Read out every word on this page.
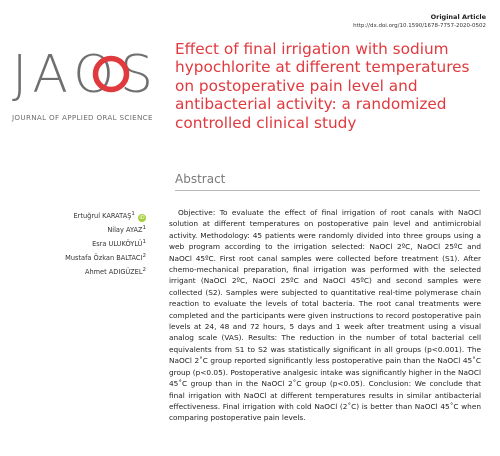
Original Article
http://dx.doi.org/10.1590/1678-7757-2020-0502
JAOS
JOURNAL OF APPLIED ORAL SCIENCE
Effect of final irrigation with sodium hypochlorite at different temperatures on postoperative pain level and antibacterial activity: a randomized controlled clinical study
Abstract
Ertuğrul KARATAŞ$^1$ iD
Nilay AYAZ$^1$
Esra ULUKÖYLÜ$^1$
Mustafa Özkan BALTACI$^2$
Ahmet ADIGÜZEL$^2$

Objective: To evaluate the effect of final irrigation of root canals with NaOCl solution at different temperatures on postoperative pain level and antimicrobial activity. Methodology: 45 patients were randomly divided into three groups using a web program according to the irrigation selected: NaOCl 2ºC, NaOCl 25ºC and NaOCl 45ºC. First root canal samples were collected before treatment (S1). After chemo-mechanical preparation, final irrigation was performed with the selected irrigant (NaOCl 2ºC, NaOCl 25ºC and NaOCl 45ºC) and second samples were collected (S2). Samples were subjected to quantitative real-time polymerase chain reaction to evaluate the levels of total bacteria. The root canal treatments were completed and the participants were given instructions to record postoperative pain levels at 24, 48 and 72 hours, 5 days and 1 week after treatment using a visual analog scale (VAS). Results: The reduction in the number of total bacterial cell equivalents from S1 to S2 was statistically significant in all groups (p<0.001). The NaOCl 2˚C group reported significantly less postoperative pain than the NaOCl 45˚C group (p<0.05). Postoperative analgesic intake was significantly higher in the NaOCl 45˚C group than in the NaOCl 2˚C group (p<0.05). Conclusion: We conclude that final irrigation with NaOCl at different temperatures results in similar antibacterial effectiveness. Final irrigation with cold NaOCl (2˚C) is better than NaOCl 45˚C when comparing postoperative pain levels.
